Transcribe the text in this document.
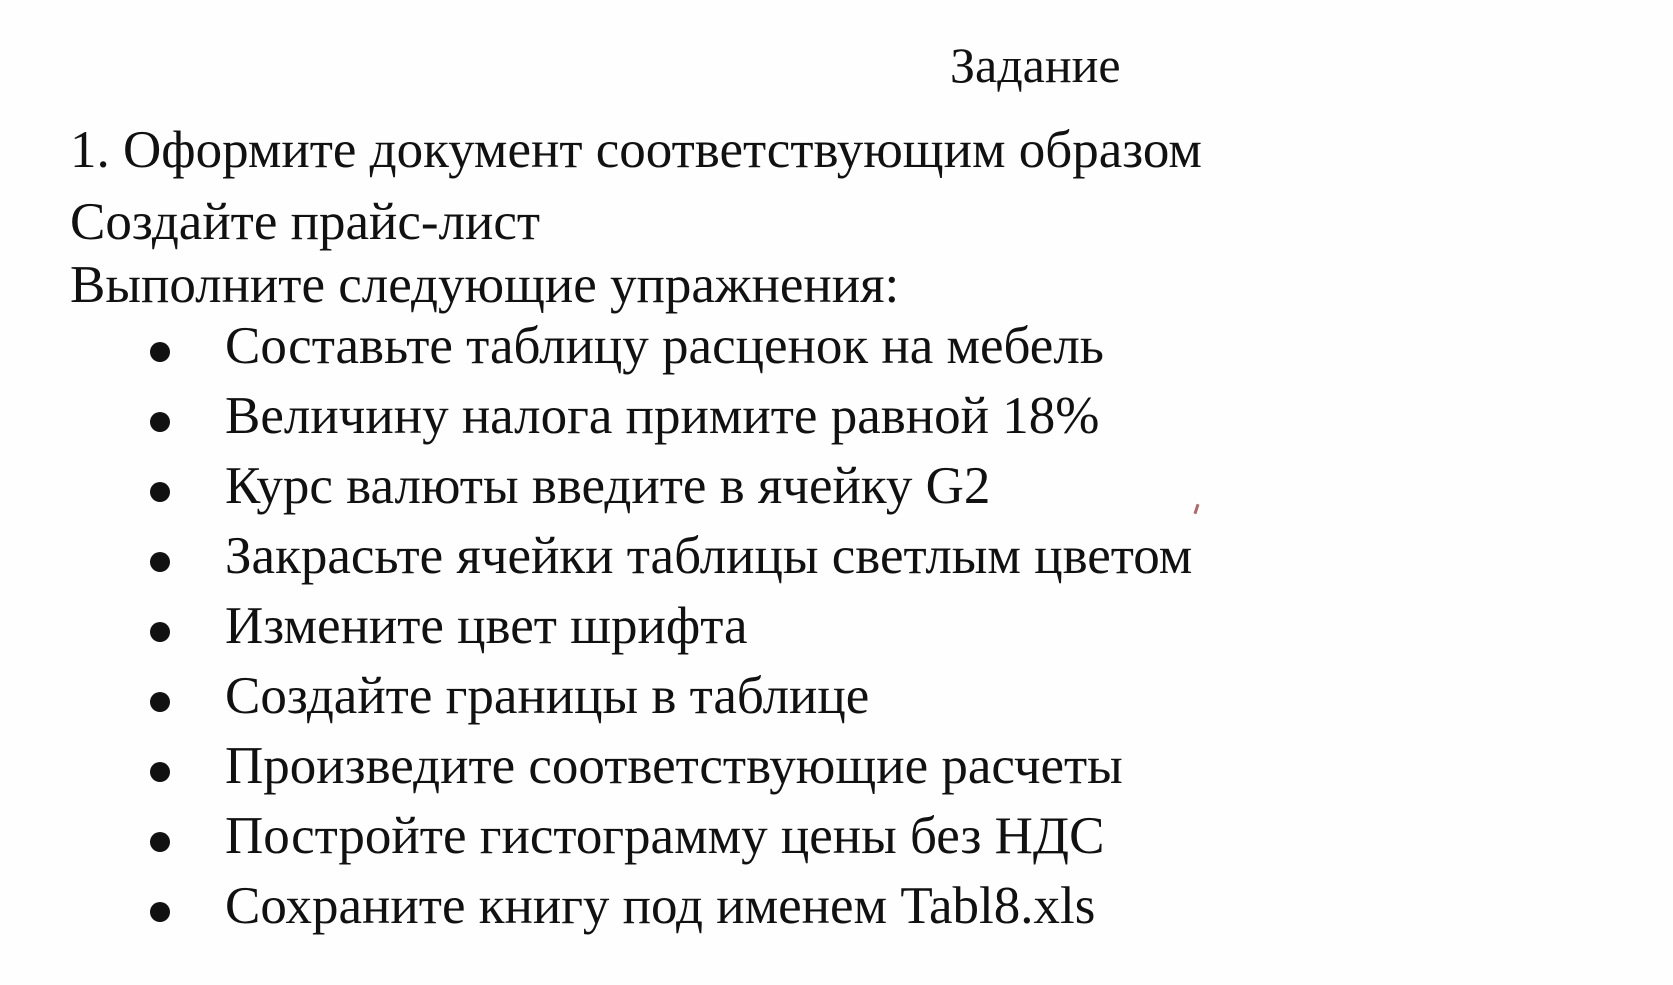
Задание
1. Оформите документ соответствующим образом
Создайте прайс-лист
Выполните следующие упражнения:
Составьте таблицу расценок на мебель
Величину налога примите равной 18%
Курс валюты введите в ячейку G2
Закрасьте ячейки таблицы светлым цветом
Измените цвет шрифта
Создайте границы в таблице
Произведите соответствующие расчеты
Постройте гистограмму цены без НДС
Сохраните книгу под именем Tabl8.xls
